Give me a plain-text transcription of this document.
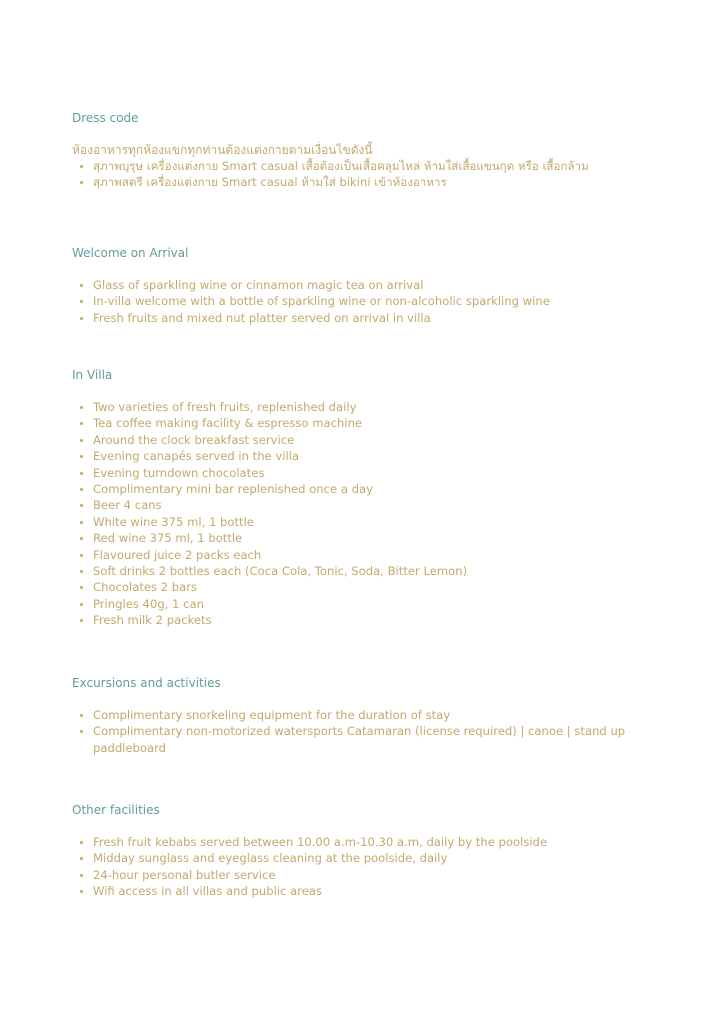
Dress code

ห้องอาหารทุกห้องแขกทุกท่านต้องแต่งกายตามเงื่อนไขดังนี้

สุภาพบุรุษ เครื่องแต่งกาย Smart casual เสื้อต้องเป็นเสื้อคลุมไหล่ ห้ามใส่เสื้อแขนกุด หรือ เสื้อกล้าม
สุภาพสตรี เครื่องแต่งกาย Smart casual ห้ามใส่ bikini เข้าห้องอาหาร
Welcome on Arrival
Glass of sparkling wine or cinnamon magic tea on arrival
In-villa welcome with a bottle of sparkling wine or non-alcoholic sparkling wine
Fresh fruits and mixed nut platter served on arrival in villa
In Villa
Two varieties of fresh fruits, replenished daily
Tea coffee making facility & espresso machine
Around the clock breakfast service
Evening canapés served in the villa
Evening turndown chocolates
Complimentary mini bar replenished once a day
Beer 4 cans
White wine 375 ml, 1 bottle
Red wine 375 ml, 1 bottle
Flavoured juice 2 packs each
Soft drinks 2 bottles each (Coca Cola, Tonic, Soda, Bitter Lemon)
Chocolates 2 bars
Pringles 40g, 1 can
Fresh milk 2 packets
Excursions and activities
Complimentary snorkeling equipment for the duration of stay
Complimentary non-motorized watersports Catamaran (license required) | canoe | stand up paddleboard
Other facilities
Fresh fruit kebabs served between 10.00 a.m-10.30 a.m, daily by the poolside
Midday sunglass and eyeglass cleaning at the poolside, daily
24-hour personal butler service
Wifi access in all villas and public areas
